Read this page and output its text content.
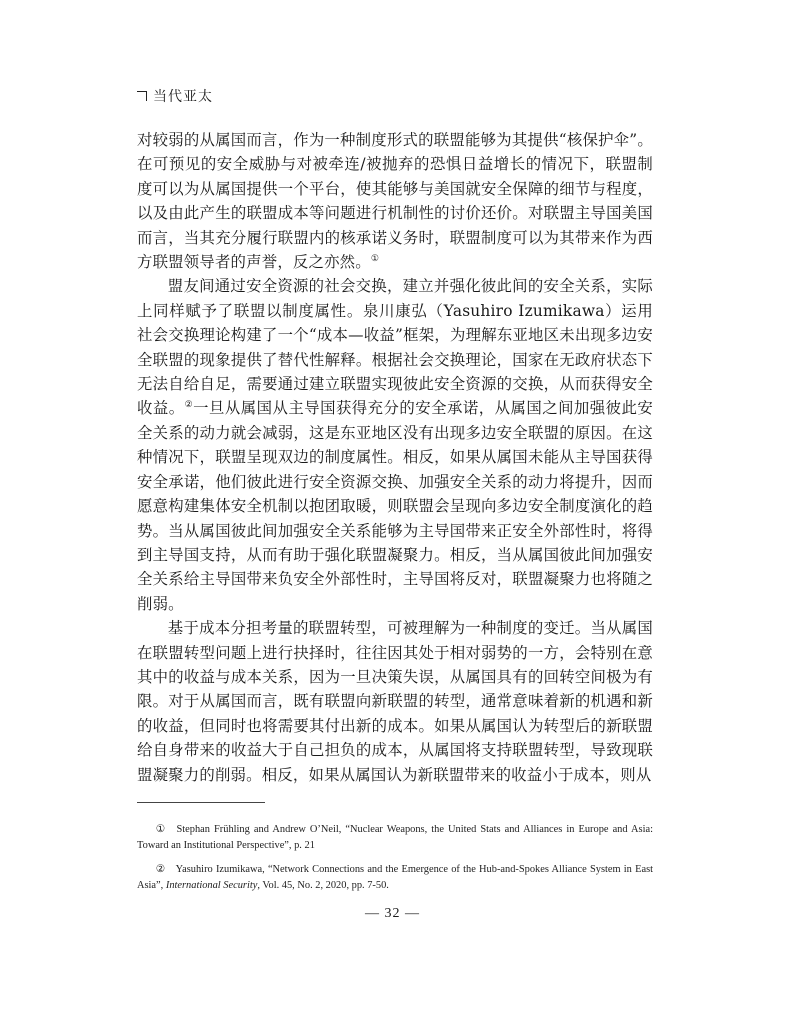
当代亚太

对较弱的从属国而言，作为一种制度形式的联盟能够为其提供“核保护伞”。在可预见的安全威胁与对被牵连/被抛弃的恐惧日益增长的情况下，联盟制度可以为从属国提供一个平台，使其能够与美国就安全保障的细节与程度，以及由此产生的联盟成本等问题进行机制性的讨价还价。对联盟主导国美国而言，当其充分履行联盟内的核承诺义务时，联盟制度可以为其带来作为西方联盟领导者的声誉，反之亦然。①

盟友间通过安全资源的社会交换，建立并强化彼此间的安全关系，实际上同样赋予了联盟以制度属性。泉川康弘（Yasuhiro Izumikawa）运用社会交换理论构建了一个“成本—收益”框架，为理解东亚地区未出现多边安全联盟的现象提供了替代性解释。根据社会交换理论，国家在无政府状态下无法自给自足，需要通过建立联盟实现彼此安全资源的交换，从而获得安全收益。②一旦从属国从主导国获得充分的安全承诺，从属国之间加强彼此安全关系的动力就会减弱，这是东亚地区没有出现多边安全联盟的原因。在这种情况下，联盟呈现双边的制度属性。相反，如果从属国未能从主导国获得安全承诺，他们彼此进行安全资源交换、加强安全关系的动力将提升，因而愿意构建集体安全机制以抱团取暖，则联盟会呈现向多边安全制度演化的趋势。当从属国彼此间加强安全关系能够为主导国带来正安全外部性时，将得到主导国支持，从而有助于强化联盟凝聚力。相反，当从属国彼此间加强安全关系给主导国带来负安全外部性时，主导国将反对，联盟凝聚力也将随之削弱。

基于成本分担考量的联盟转型，可被理解为一种制度的变迁。当从属国在联盟转型问题上进行抉择时，往往因其处于相对弱势的一方，会特别在意其中的收益与成本关系，因为一旦决策失误，从属国具有的回转空间极为有限。对于从属国而言，既有联盟向新联盟的转型，通常意味着新的机遇和新的收益，但同时也将需要其付出新的成本。如果从属国认为转型后的新联盟给自身带来的收益大于自己担负的成本，从属国将支持联盟转型，导致现联盟凝聚力的削弱。相反，如果从属国认为新联盟带来的收益小于成本，则从

① Stephan Frühling and Andrew O’Neil, “Nuclear Weapons, the United Stats and Alliances in Europe and Asia: Toward an Institutional Perspective”, p. 21

② Yasuhiro Izumikawa, “Network Connections and the Emergence of the Hub-and-Spokes Alliance System in East Asia”, International Security, Vol. 45, No. 2, 2020, pp. 7-50.

— 32 —
